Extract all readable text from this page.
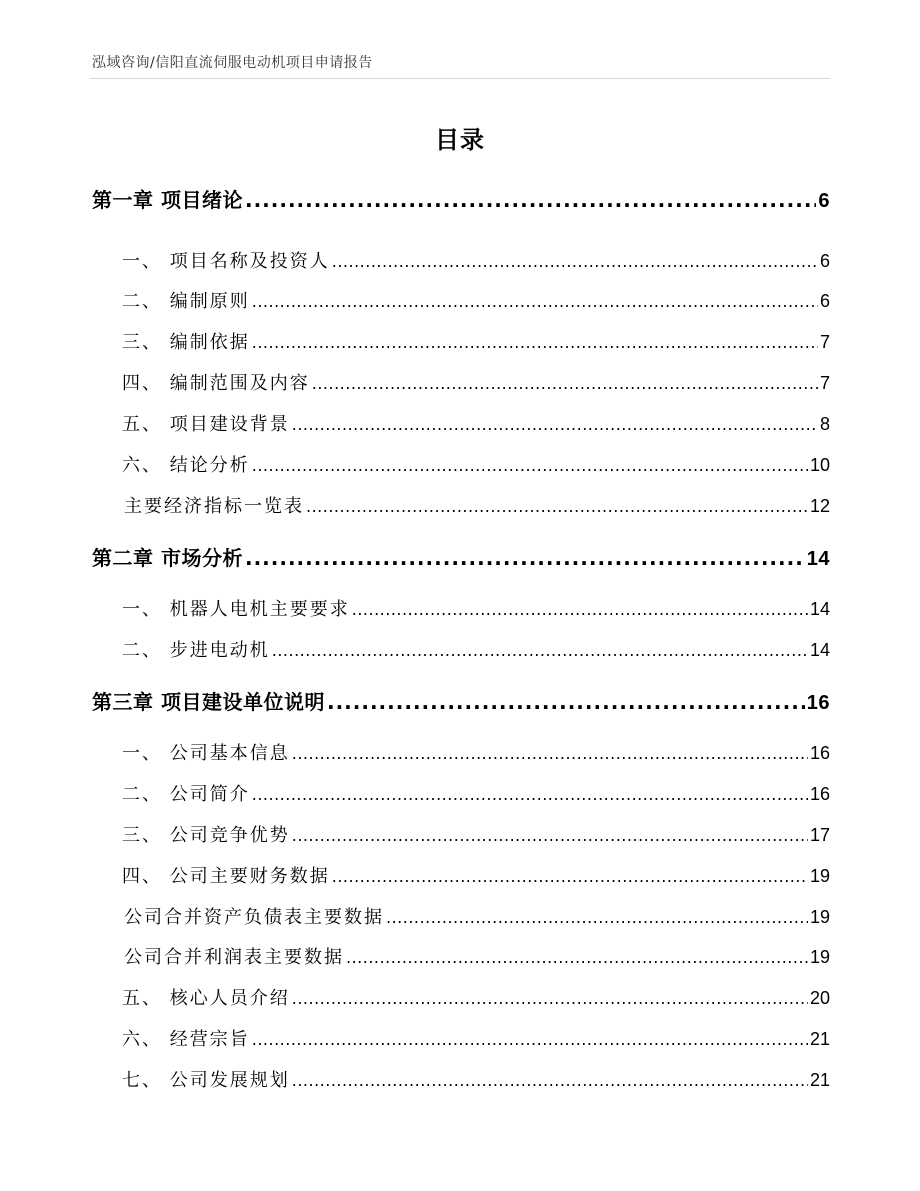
泓域咨询/信阳直流伺服电动机项目申请报告
目录
第一章 项目绪论 .....	6
一、 项目名称及投资人 .....	6
二、 编制原则 .....	6
三、 编制依据 .....	7
四、 编制范围及内容 .....	7
五、 项目建设背景 .....	8
六、 结论分析 .....	10
主要经济指标一览表 .....	12
第二章 市场分析 .....	14
一、 机器人电机主要要求 .....	14
二、 步进电动机 .....	14
第三章 项目建设单位说明 .....	16
一、 公司基本信息 .....	16
二、 公司简介 .....	16
三、 公司竞争优势 .....	17
四、 公司主要财务数据 .....	19
公司合并资产负债表主要数据 .....	19
公司合并利润表主要数据 .....	19
五、 核心人员介绍 .....	20
六、 经营宗旨 .....	21
七、 公司发展规划 .....	21
